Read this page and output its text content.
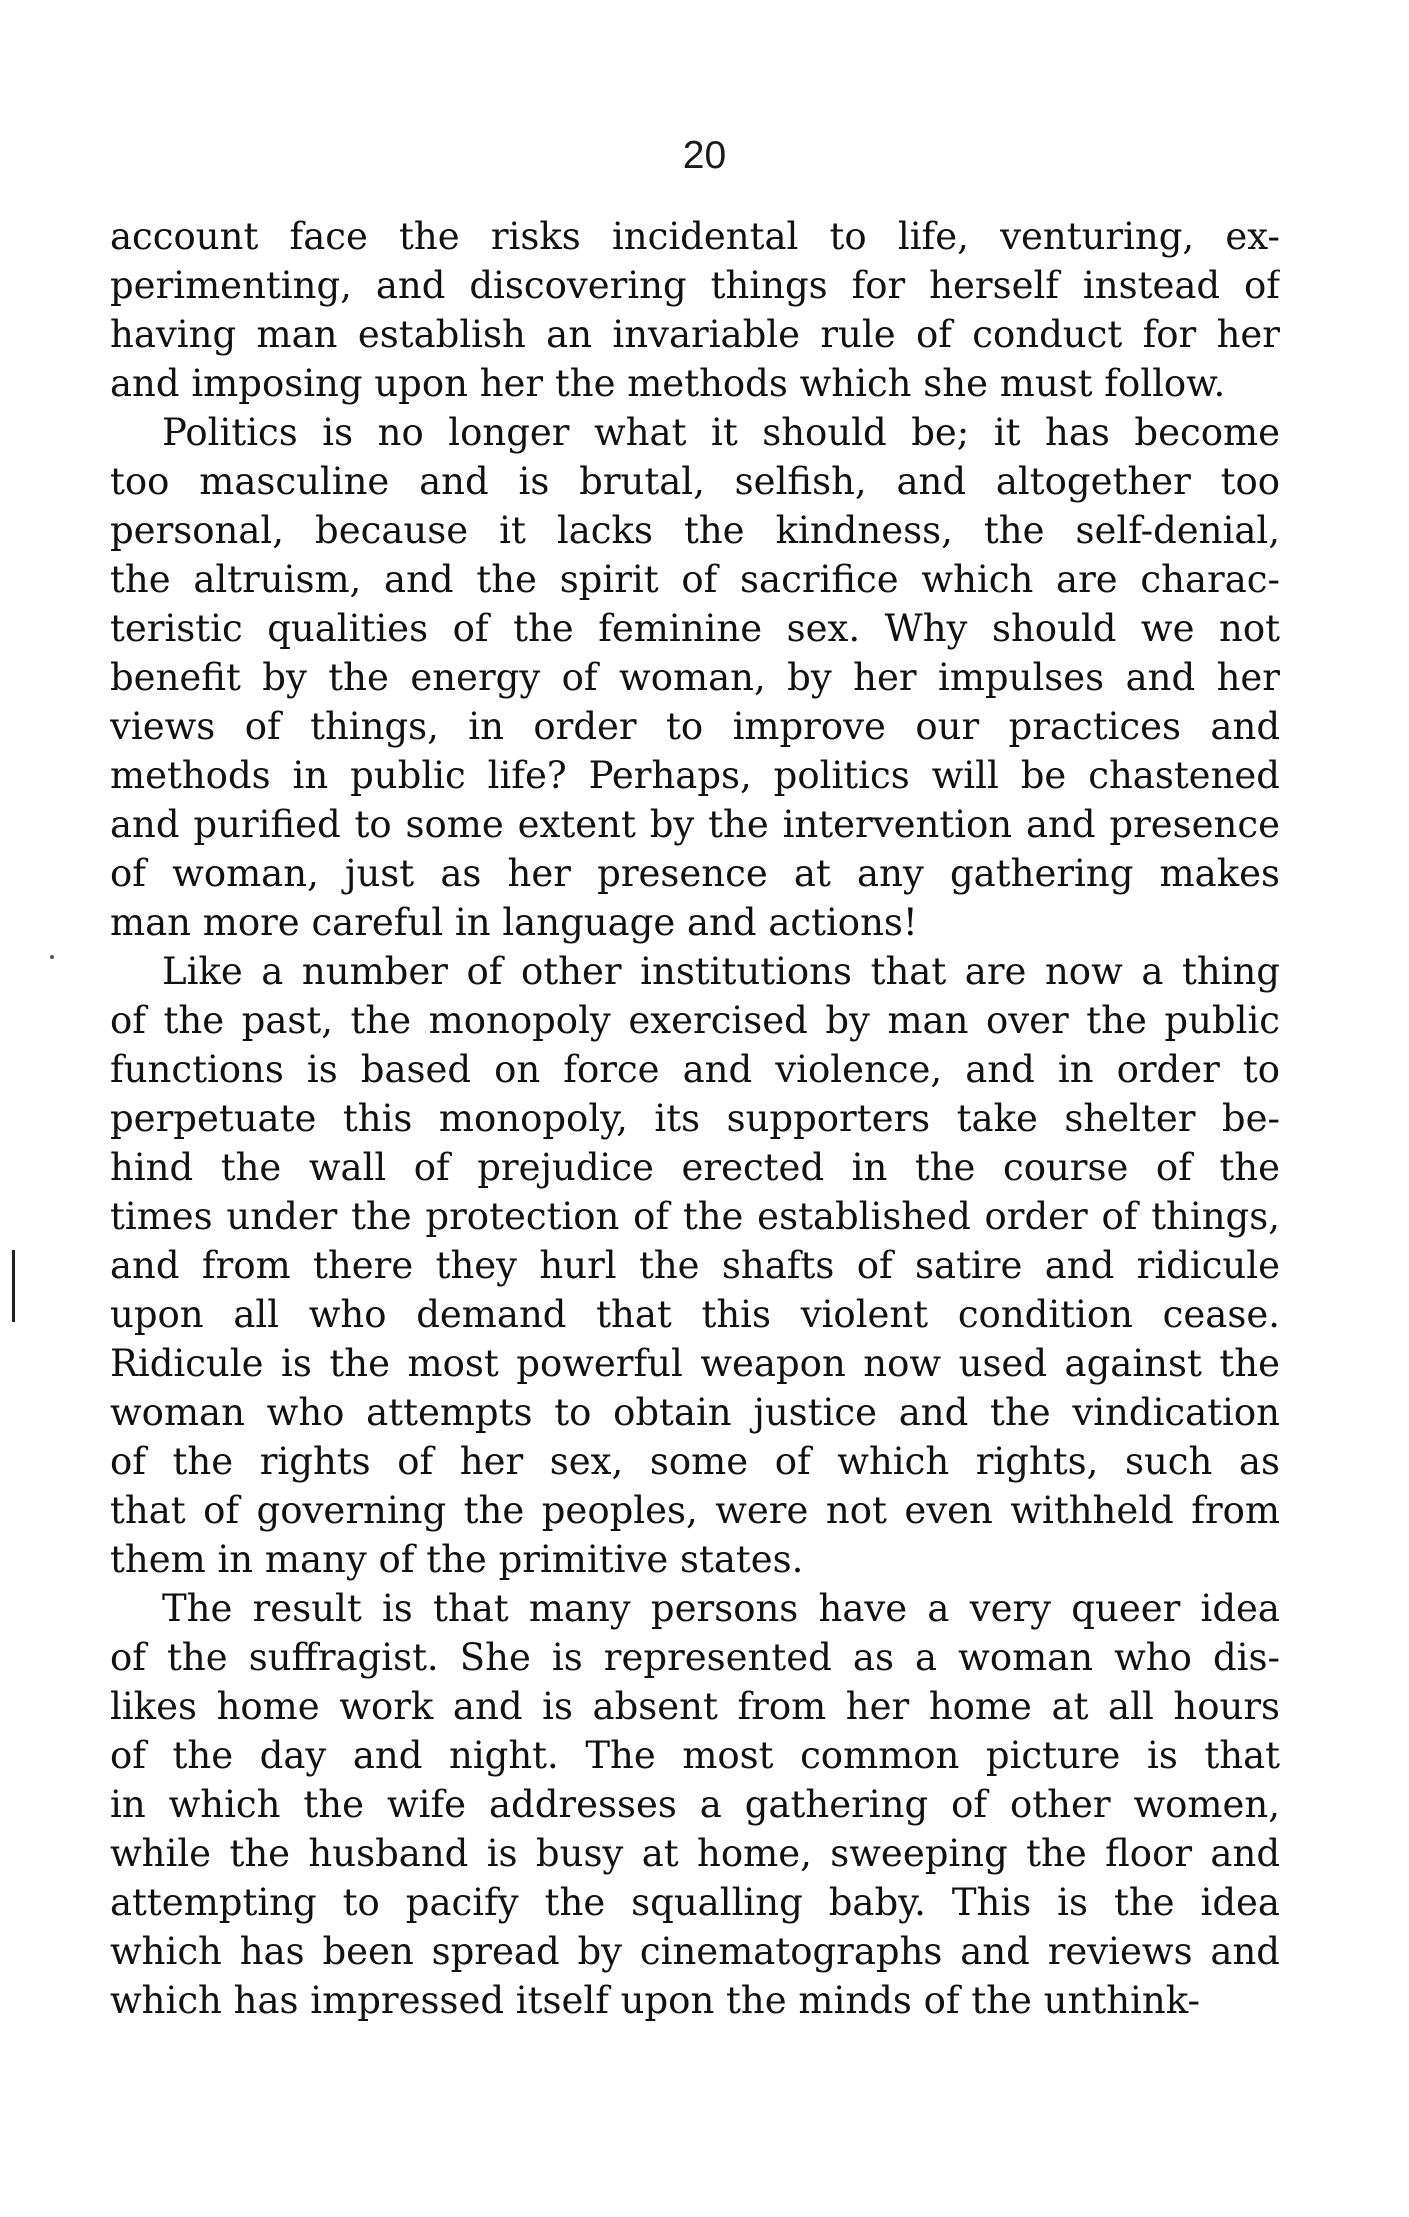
20
account face the risks incidental to life, venturing, ex-
perimenting, and discovering things for herself instead of
having man establish an invariable rule of conduct for her
and imposing upon her the methods which she must follow.
Politics is no longer what it should be; it has become
too masculine and is brutal, selfish, and altogether too
personal, because it lacks the kindness, the self-denial,
the altruism, and the spirit of sacrifice which are charac-
teristic qualities of the feminine sex. Why should we not
benefit by the energy of woman, by her impulses and her
views of things, in order to improve our practices and
methods in public life? Perhaps, politics will be chastened
and purified to some extent by the intervention and presence
of woman, just as her presence at any gathering makes
man more careful in language and actions!
Like a number of other institutions that are now a thing
of the past, the monopoly exercised by man over the public
functions is based on force and violence, and in order to
perpetuate this monopoly, its supporters take shelter be-
hind the wall of prejudice erected in the course of the
times under the protection of the established order of things,
and from there they hurl the shafts of satire and ridicule
upon all who demand that this violent condition cease.
Ridicule is the most powerful weapon now used against the
woman who attempts to obtain justice and the vindication
of the rights of her sex, some of which rights, such as
that of governing the peoples, were not even withheld from
them in many of the primitive states.
The result is that many persons have a very queer idea
of the suffragist. She is represented as a woman who dis-
likes home work and is absent from her home at all hours
of the day and night. The most common picture is that
in which the wife addresses a gathering of other women,
while the husband is busy at home, sweeping the floor and
attempting to pacify the squalling baby. This is the idea
which has been spread by cinematographs and reviews and
which has impressed itself upon the minds of the unthink-
